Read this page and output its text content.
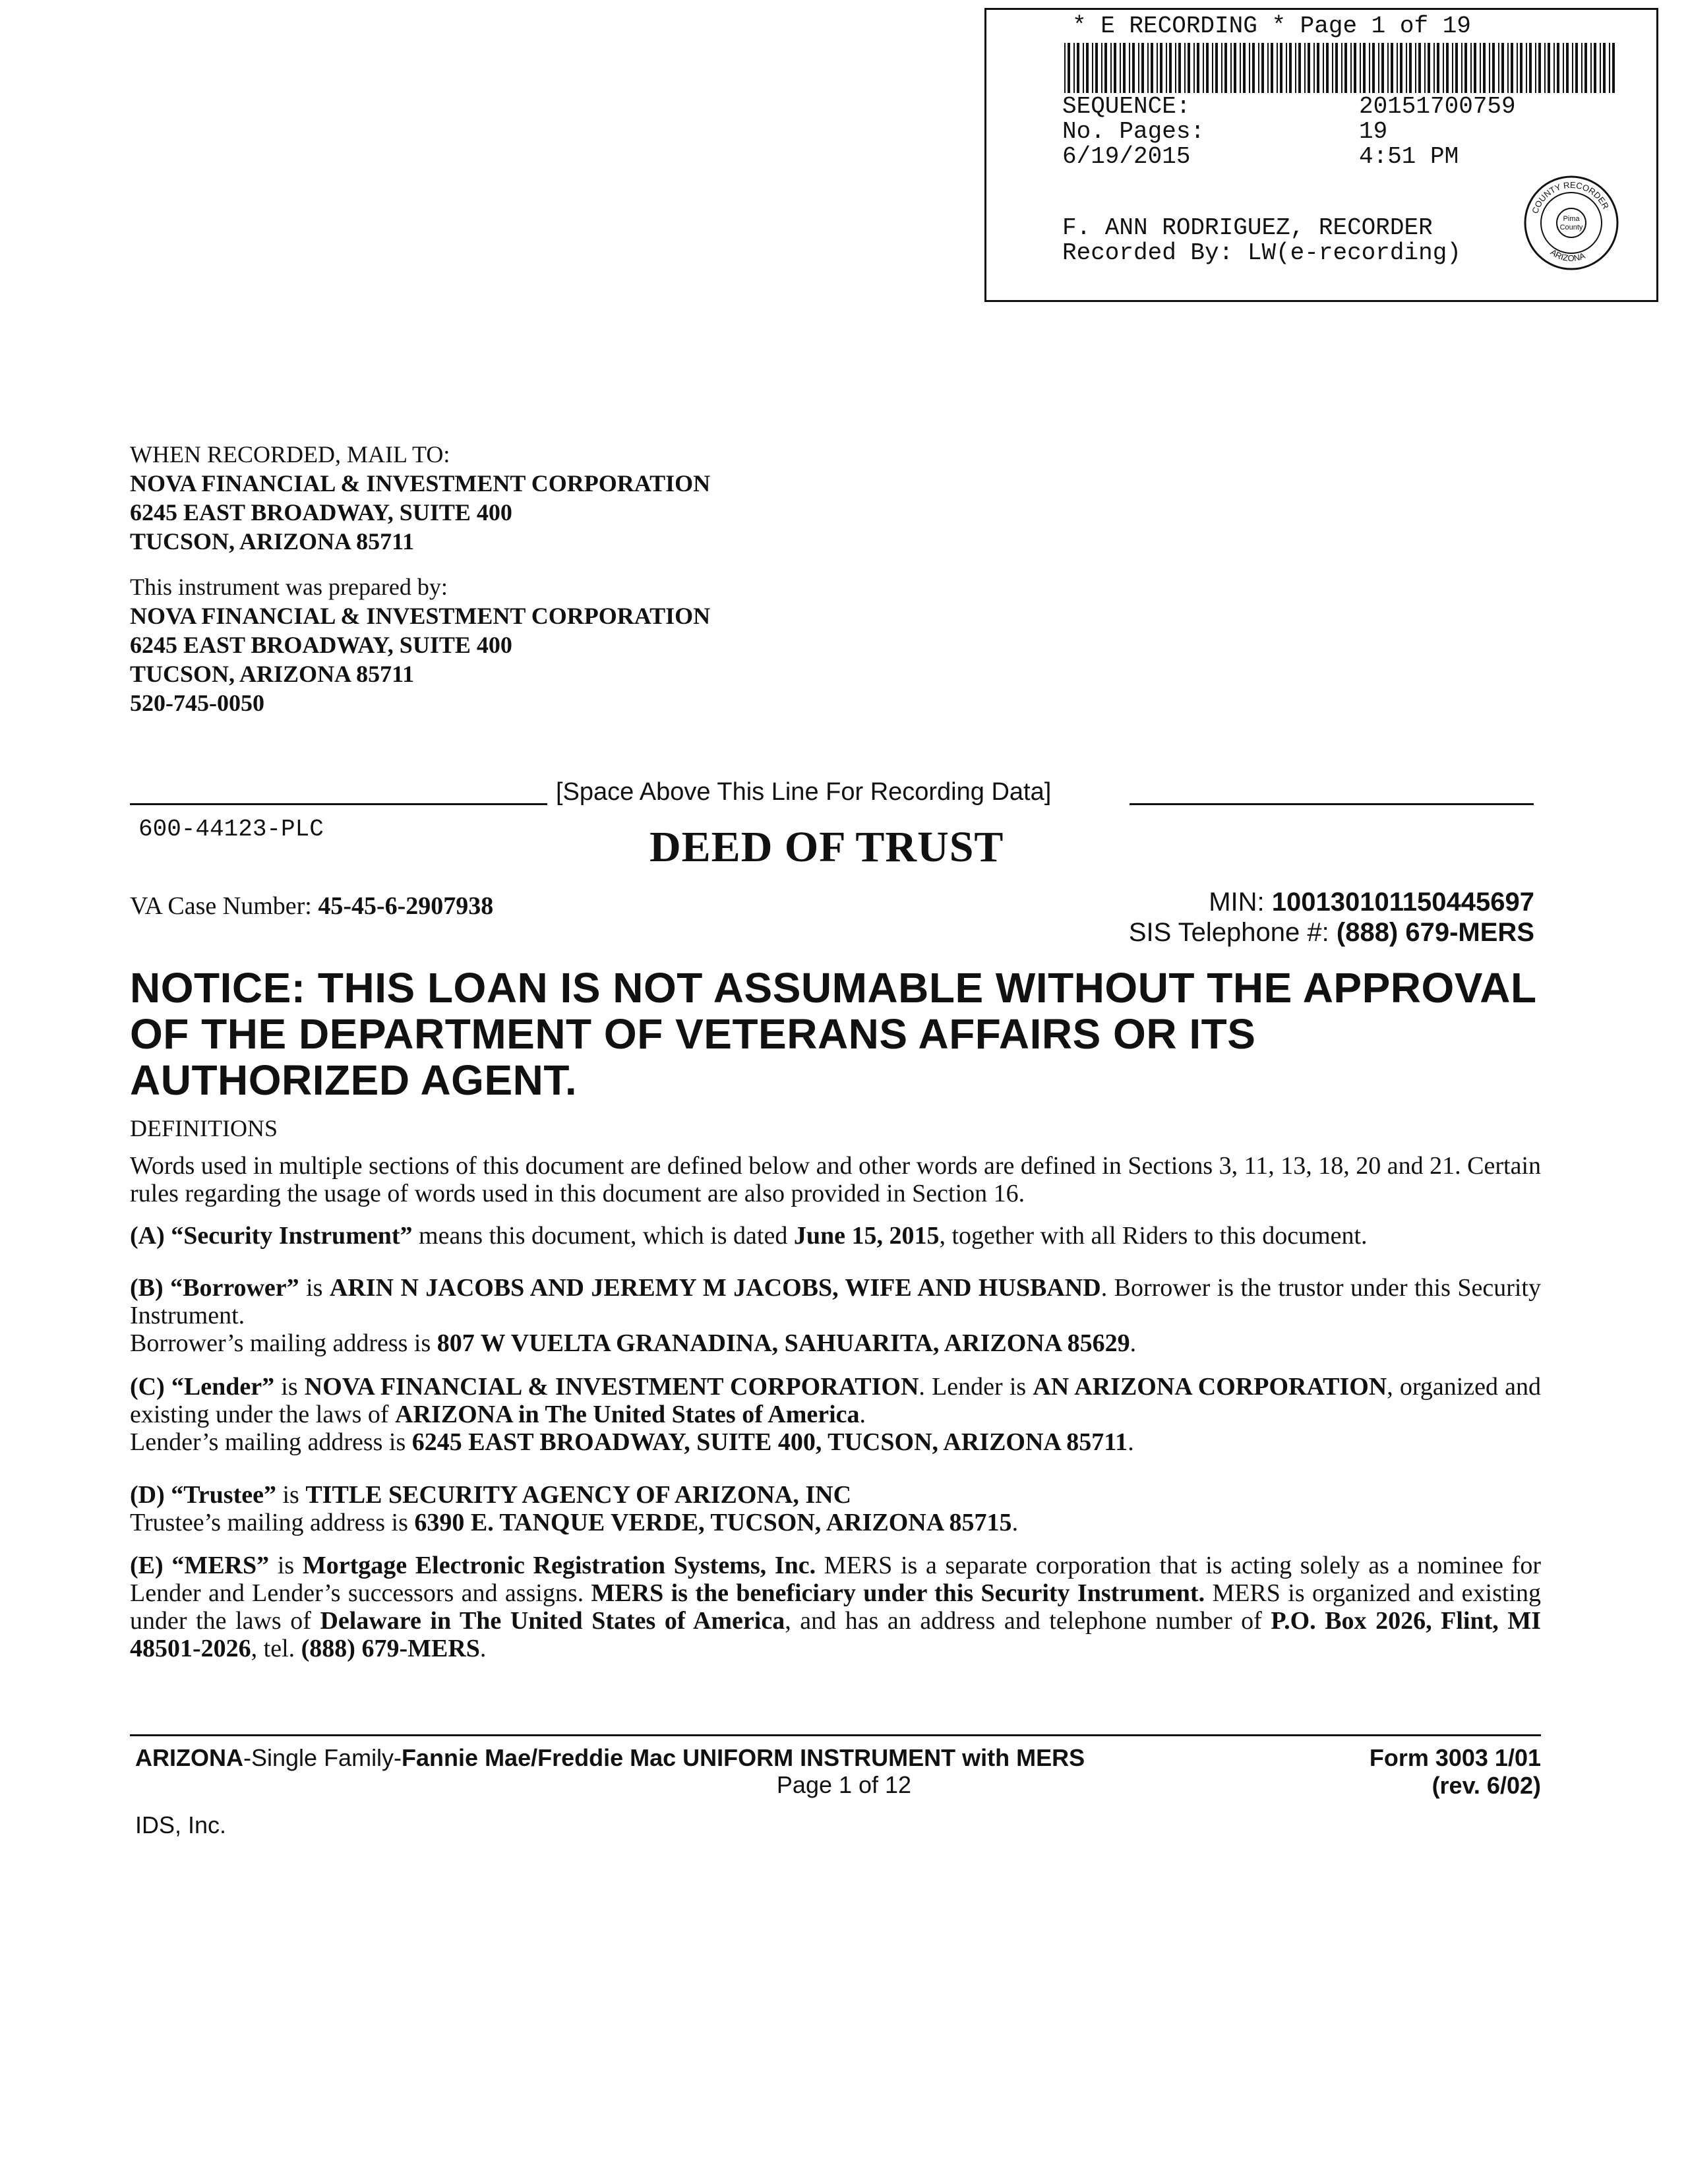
* E RECORDING * Page 1 of 19
SEQUENCE:	20151700759
No. Pages:	19
6/19/2015	4:51 PM
F. ANN RODRIGUEZ, RECORDER
Recorded By: LW(e-recording)
COUNTY RECORDER
ARIZONA
Pima
County
WHEN RECORDED, MAIL TO:
NOVA FINANCIAL & INVESTMENT CORPORATION
6245 EAST BROADWAY, SUITE 400
TUCSON, ARIZONA 85711
This instrument was prepared by:
NOVA FINANCIAL & INVESTMENT CORPORATION
6245 EAST BROADWAY, SUITE 400
TUCSON, ARIZONA 85711
520-745-0050
[Space Above This Line For Recording Data]
600-44123-PLC	DEED OF TRUST
VA Case Number: 45-45-6-2907938	MIN: 100130101150445697
SIS Telephone #: (888) 679-MERS
NOTICE: THIS LOAN IS NOT ASSUMABLE WITHOUT THE APPROVAL OF THE DEPARTMENT OF VETERANS AFFAIRS OR ITS AUTHORIZED AGENT.
DEFINITIONS
Words used in multiple sections of this document are defined below and other words are defined in Sections 3, 11, 13, 18, 20 and 21. Certain rules regarding the usage of words used in this document are also provided in Section 16.
(A) “Security Instrument” means this document, which is dated June 15, 2015, together with all Riders to this document.
(B) “Borrower” is ARIN N JACOBS AND JEREMY M JACOBS, WIFE AND HUSBAND. Borrower is the trustor under this Security Instrument.
Borrower’s mailing address is 807 W VUELTA GRANADINA, SAHUARITA, ARIZONA 85629.
(C) “Lender” is NOVA FINANCIAL & INVESTMENT CORPORATION. Lender is AN ARIZONA CORPORATION, organized and existing under the laws of ARIZONA in The United States of America.
Lender’s mailing address is 6245 EAST BROADWAY, SUITE 400, TUCSON, ARIZONA 85711.
(D) “Trustee” is TITLE SECURITY AGENCY OF ARIZONA, INC
Trustee’s mailing address is 6390 E. TANQUE VERDE, TUCSON, ARIZONA 85715.
(E) “MERS” is Mortgage Electronic Registration Systems, Inc. MERS is a separate corporation that is acting solely as a nominee for Lender and Lender’s successors and assigns. MERS is the beneficiary under this Security Instrument. MERS is organized and existing under the laws of Delaware in The United States of America, and has an address and telephone number of P.O. Box 2026, Flint, MI 48501-2026, tel. (888) 679-MERS.
ARIZONA-Single Family-Fannie Mae/Freddie Mac UNIFORM INSTRUMENT with MERS
Page 1 of 12
Form 3003 1/01
(rev. 6/02)
IDS, Inc.
